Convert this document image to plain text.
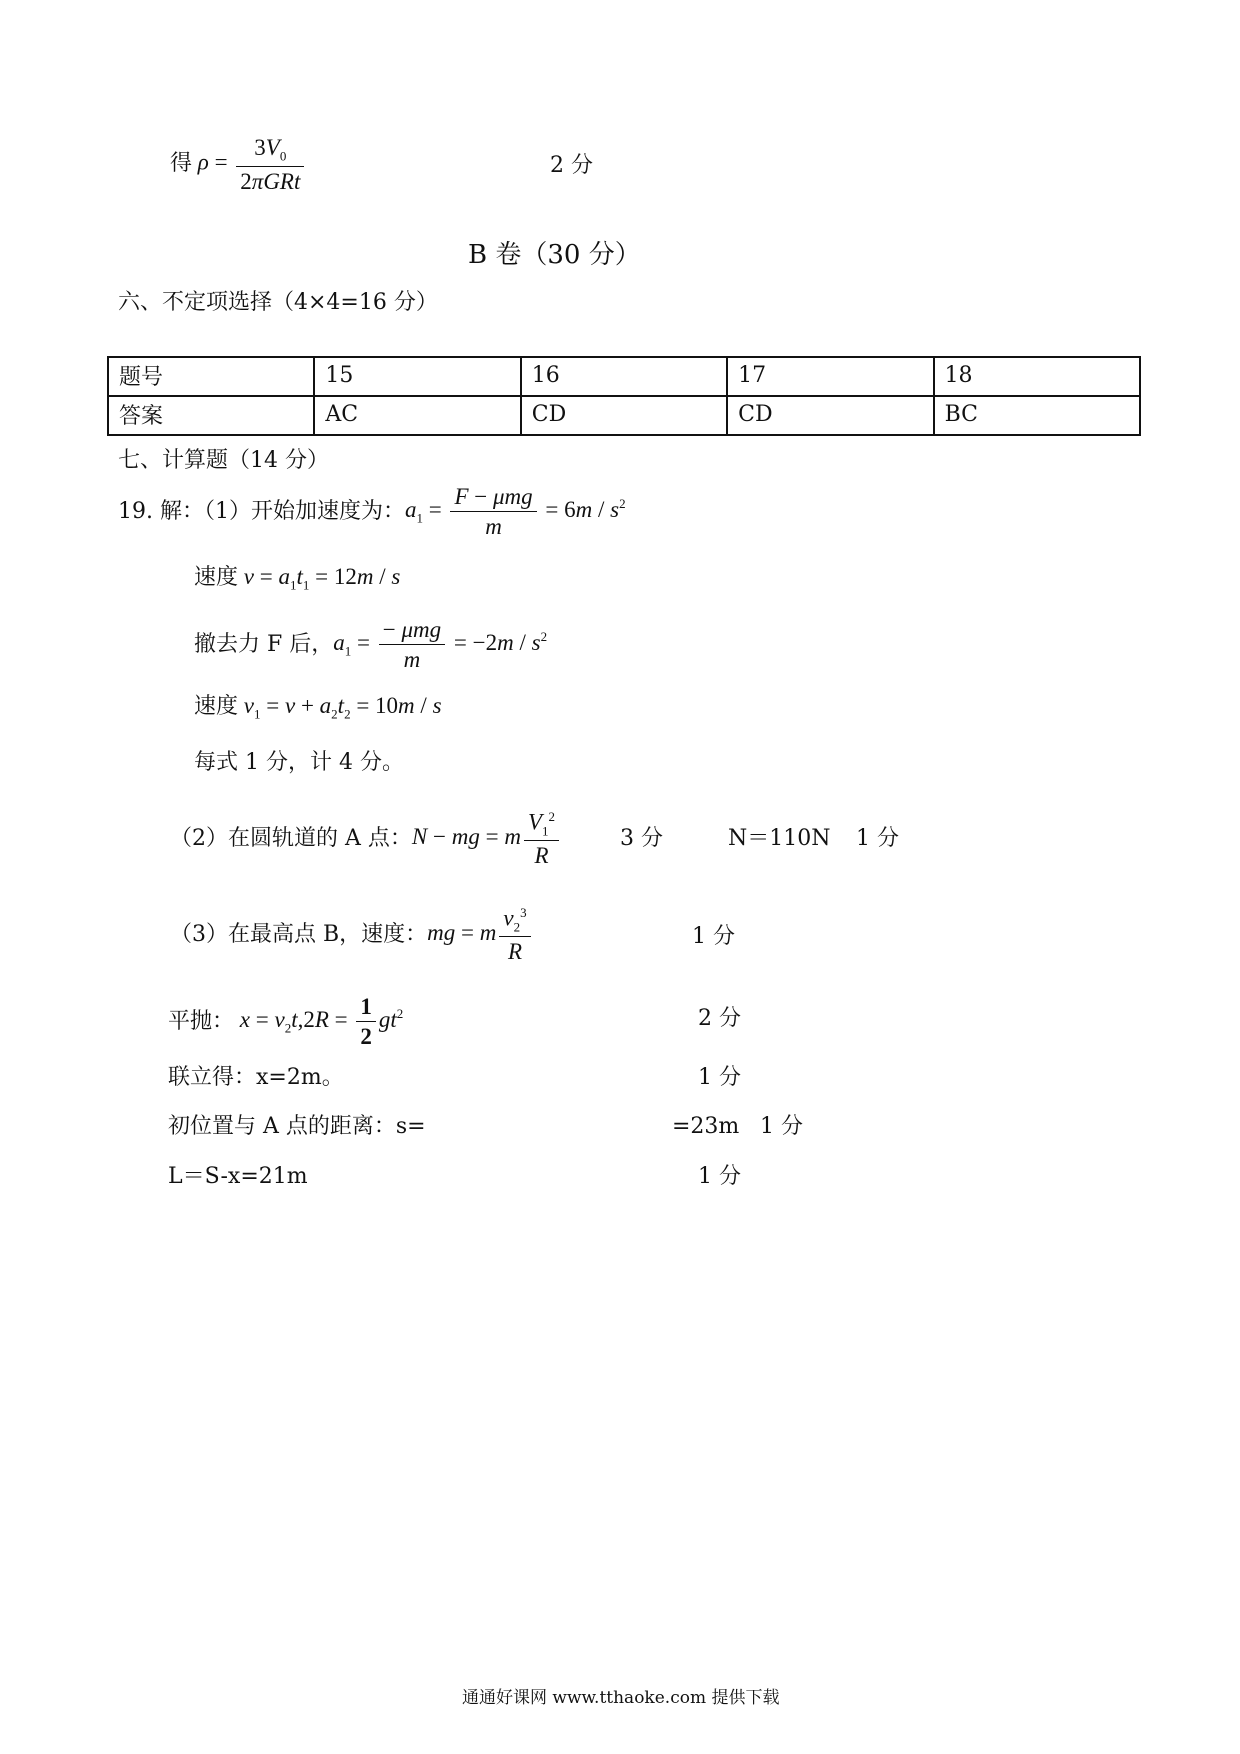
得 $\rho = \frac{3V_0}{\text{2πGRt}}$	2 分
B 卷（30 分）
六、不定项选择（4×4=16 分）
题号	15	16	17	18
答案	AC	CD	CD	BC
七、计算题（14 分）
19. 解：（1）开始加速度为： $a_1 = \frac{\text{F − μmg}}{m} = 6m / s^2$
速度 $v = a_1t_1 = 12m / s$
撤去力 F 后， $a_1 = \frac{\text{− μmg}}{m} = -2m / s^2$
速度 $v_1 = v + a_2t_2 = 10m / s$
每式 1 分，计 4 分。
（2）在圆轨道的 A 点： N − mg = m $\frac{V_1^2}{R}$	3 分	N＝110N 1 分
（3）在最高点 B，速度： mg = m $\frac{v_2^3}{R}$	1 分
平抛： $x = v_2t,2R = \frac{1}{2} gt^2$	2 分
联立得：x=2m。	1 分
初位置与 A 点的距离：s=	=23m 1 分
L＝S-x=21m	1 分
通通好课网 www.tthaoke.com 提供下载
